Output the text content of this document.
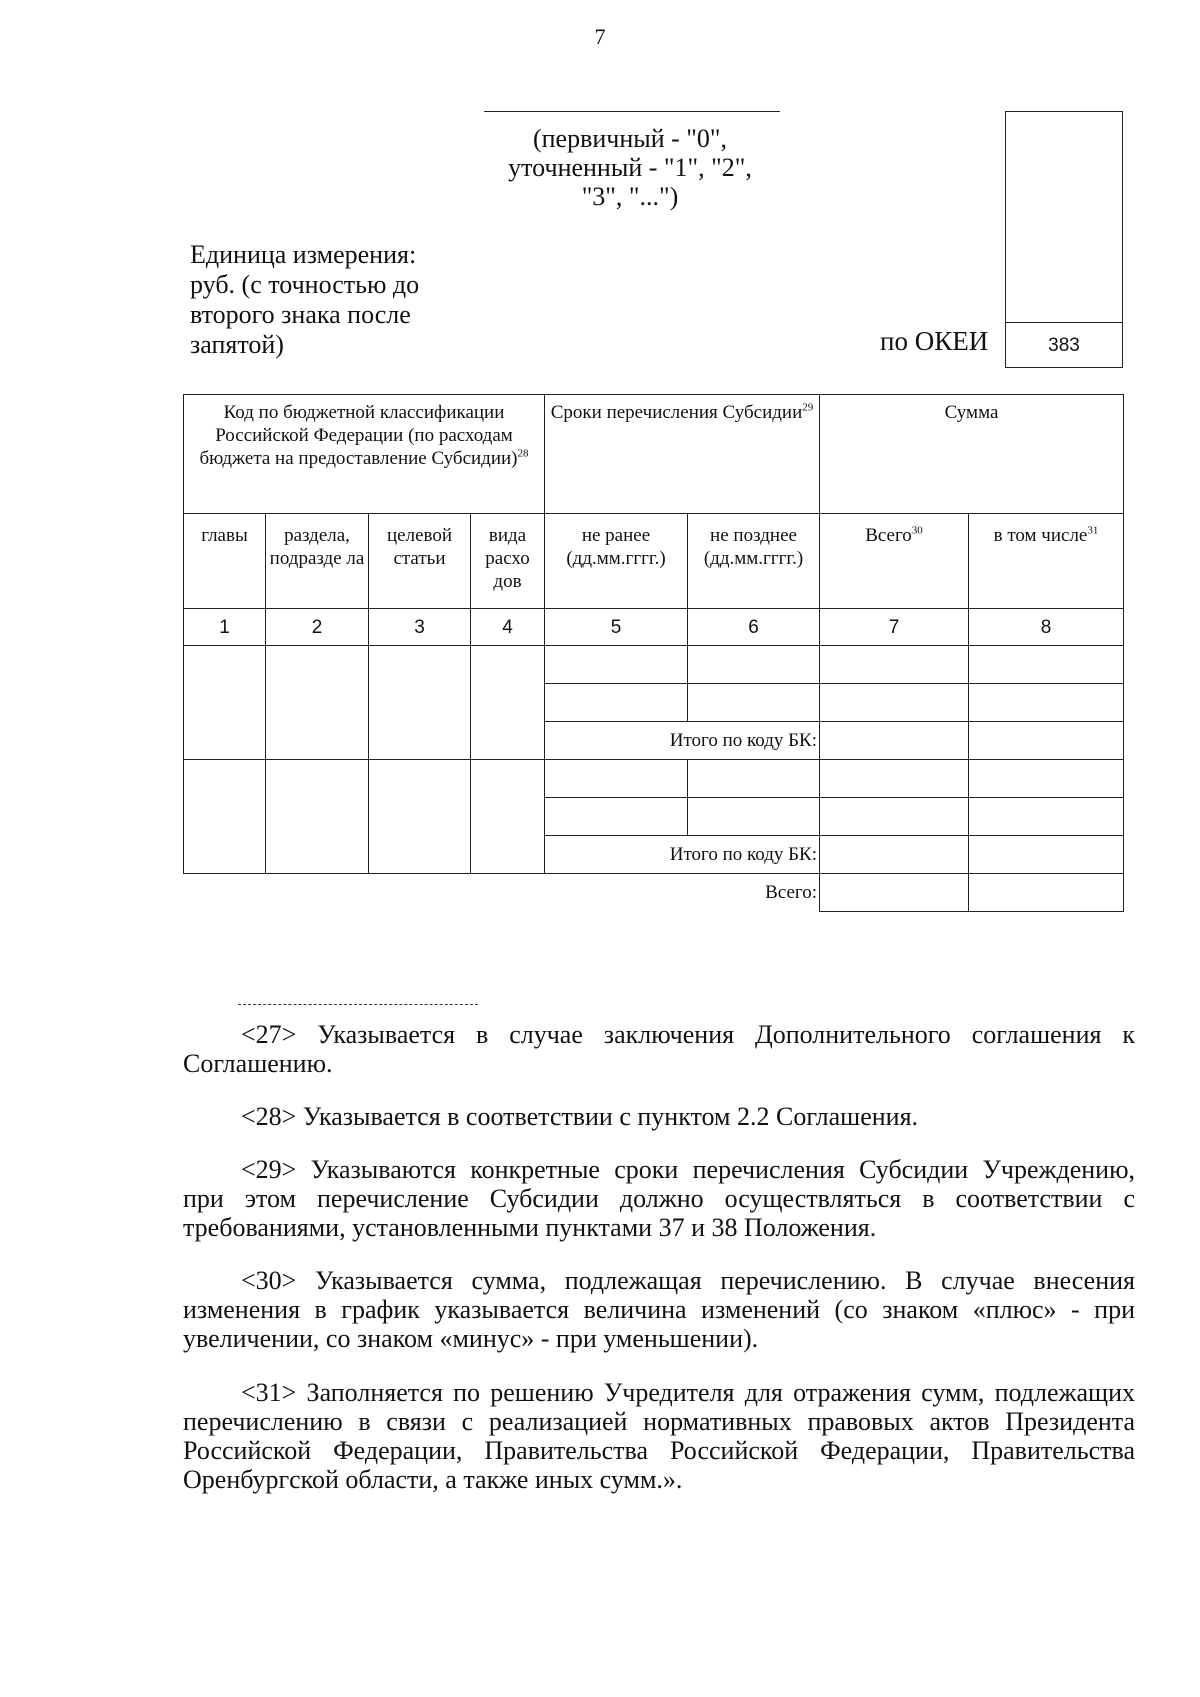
7
(первичный - "0",
уточненный - "1", "2",
"3", "...")
383
Единица измерения:
руб. (с точностью до
второго знака после
запятой)	по ОКЕИ
Код по бюджетной классификации Российской Федерации (по расходам бюджета на предоставление Субсидии)$^{28}$				Сроки перечисления Субсидии$^{29}$		Сумма	
главы	раздела, подразде ла	целевой статьи	вида расхо дов	не ранее (дд.мм.гггг.)	не позднее (дд.мм.гггг.)	Всего$^{30}$	в том числе$^{31}$
1	2	3	4	5	6	7	8

				Итого по коду БК:			

				Итого по коду БК:			
Всего:							
<27> Указывается в случае заключения Дополнительного соглашения к Соглашению.
<28> Указывается в соответствии с пунктом 2.2 Соглашения.
<29> Указываются конкретные сроки перечисления Субсидии Учреждению, при этом перечисление Субсидии должно осуществляться в соответствии с требованиями, установленными пунктами 37 и 38 Положения.
<30> Указывается сумма, подлежащая перечислению. В случае внесения изменения в график указывается величина изменений (со знаком «плюс» - при увеличении, со знаком «минус» - при уменьшении).
<31> Заполняется по решению Учредителя для отражения сумм, подлежащих перечислению в связи с реализацией нормативных правовых актов Президента Российской Федерации, Правительства Российской Федерации, Правительства Оренбургской области, а также иных сумм.».
